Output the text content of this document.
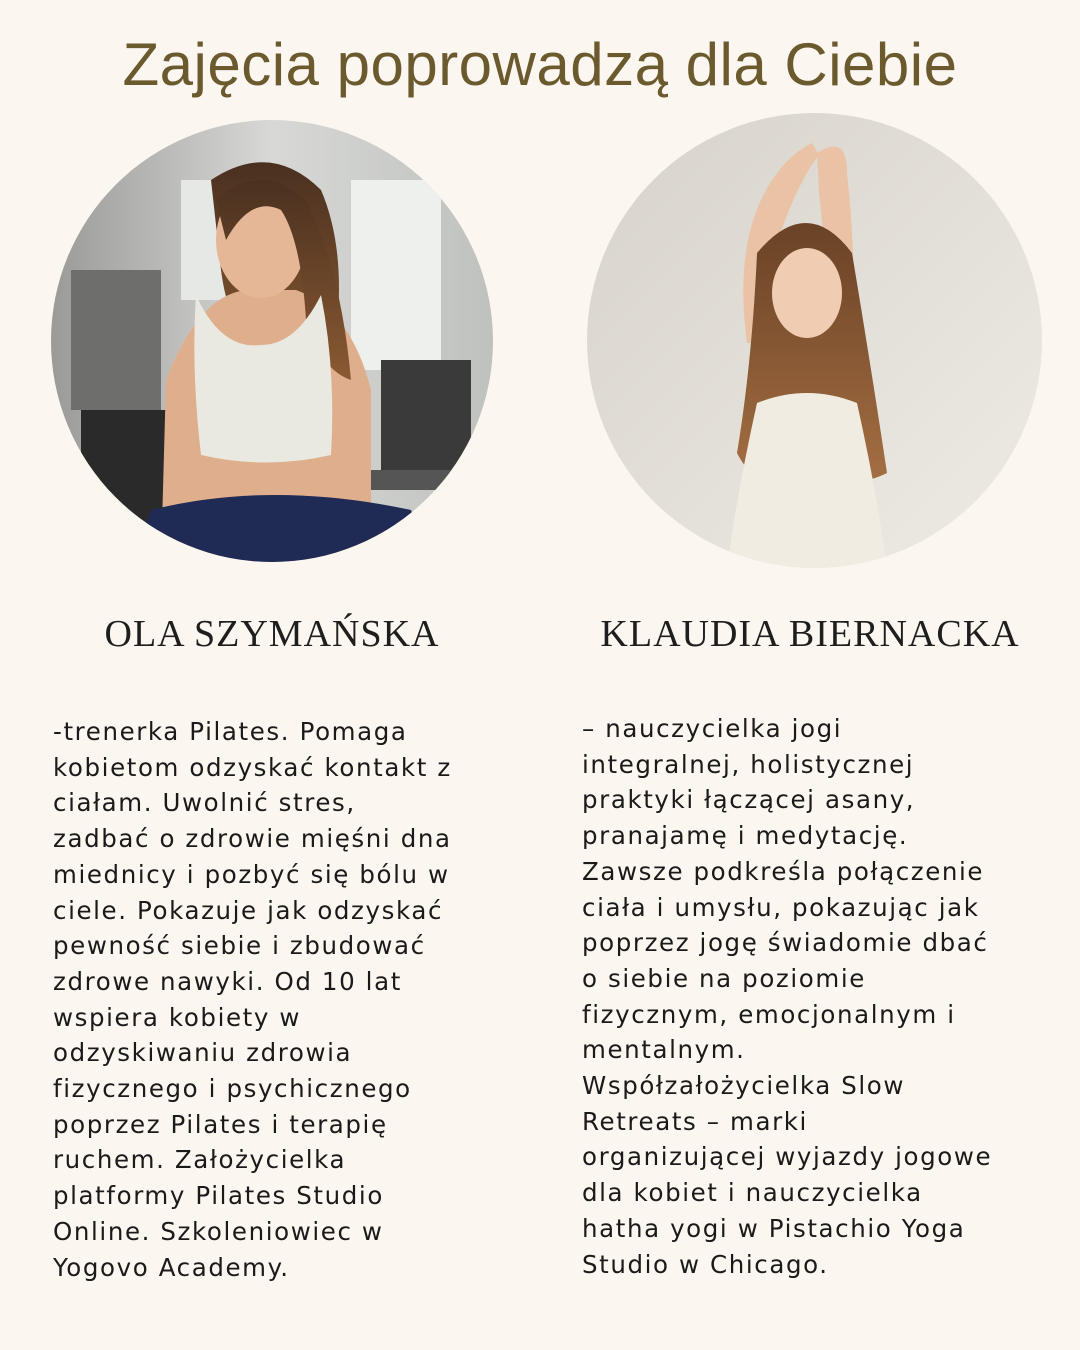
Zajęcia poprowadzą dla Ciebie
OLA SZYMAŃSKA	KLAUDIA BIERNACKA
-trenerka Pilates. Pomaga
kobietom odzyskać kontakt z
ciałam. Uwolnić stres,
zadbać o zdrowie mięśni dna
miednicy i pozbyć się bólu w
ciele. Pokazuje jak odzyskać
pewność siebie i zbudować
zdrowe nawyki. Od 10 lat
wspiera kobiety w
odzyskiwaniu zdrowia
fizycznego i psychicznego
poprzez Pilates i terapię
ruchem. Założycielka
platformy Pilates Studio
Online. Szkoleniowiec w
Yogovo Academy.
– nauczycielka jogi
integralnej, holistycznej
praktyki łączącej asany,
pranajamę i medytację.
Zawsze podkreśla połączenie
ciała i umysłu, pokazując jak
poprzez jogę świadomie dbać
o siebie na poziomie
fizycznym, emocjonalnym i
mentalnym.
Współzałożycielka Slow
Retreats – marki
organizującej wyjazdy jogowe
dla kobiet i nauczycielka
hatha yogi w Pistachio Yoga
Studio w Chicago.
